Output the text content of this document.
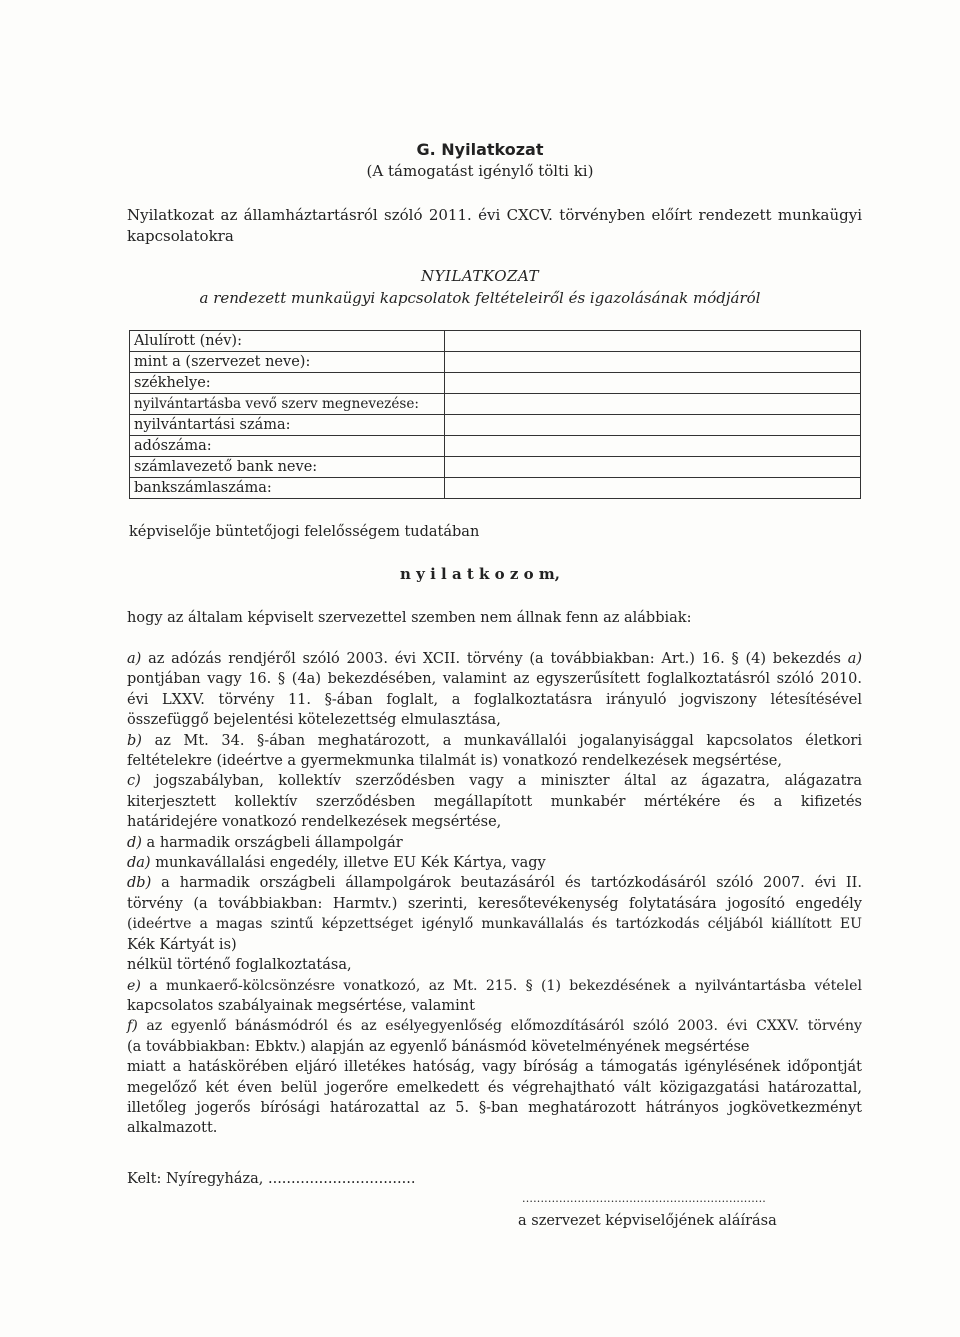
G. Nyilatkozat
(A támogatást igénylő tölti ki)
Nyilatkozat az államháztartásról szóló 2011. évi CXCV. törvényben előírt rendezett munkaügyi
kapcsolatokra
NYILATKOZAT
a rendezett munkaügyi kapcsolatok feltételeiről és igazolásának módjáról
Alulírott (név):	
mint a (szervezet neve):	
székhelye:	
nyilvántartásba vevő szerv megnevezése:	
nyilvántartási száma:	
adószáma:	
számlavezető bank neve:	
bankszámlaszáma:	
képviselője büntetőjogi felelősségem tudatában
n y i l a t k o z o m,
hogy az általam képviselt szervezettel szemben nem állnak fenn az alábbiak:

a) az adózás rendjéről szóló 2003. évi XCII. törvény (a továbbiakban: Art.) 16. § (4) bekezdés a)

pontjában vagy 16. § (4a) bekezdésében, valamint az egyszerűsített foglalkoztatásról szóló 2010.

évi LXXV. törvény 11. §-ában foglalt, a foglalkoztatásra irányuló jogviszony létesítésével

összefüggő bejelentési kötelezettség elmulasztása,

b) az Mt. 34. §-ában meghatározott, a munkavállalói jogalanyisággal kapcsolatos életkori

feltételekre (ideértve a gyermekmunka tilalmát is) vonatkozó rendelkezések megsértése,

c) jogszabályban, kollektív szerződésben vagy a miniszter által az ágazatra, alágazatra

kiterjesztett kollektív szerződésben megállapított munkabér mértékére és a kifizetés

határidejére vonatkozó rendelkezések megsértése,

d) a harmadik országbeli állampolgár

da) munkavállalási engedély, illetve EU Kék Kártya, vagy

db) a harmadik országbeli állampolgárok beutazásáról és tartózkodásáról szóló 2007. évi II.

törvény (a továbbiakban: Harmtv.) szerinti, keresőtevékenység folytatására jogosító engedély

(ideértve a magas szintű képzettséget igénylő munkavállalás és tartózkodás céljából kiállított EU

Kék Kártyát is)

nélkül történő foglalkoztatása,

e) a munkaerő-kölcsönzésre vonatkozó, az Mt. 215. § (1) bekezdésének a nyilvántartásba vételel

kapcsolatos szabályainak megsértése, valamint

f) az egyenlő bánásmódról és az esélyegyenlőség előmozdításáról szóló 2003. évi CXXV. törvény

(a továbbiakban: Ebktv.) alapján az egyenlő bánásmód követelményének megsértése

miatt a hatáskörében eljáró illetékes hatóság, vagy bíróság a támogatás igénylésének időpontját

megelőző két éven belül jogerőre emelkedett és végrehajtható vált közigazgatási határozattal,

illetőleg jogerős bírósági határozattal az 5. §-ban meghatározott hátrányos jogkövetkezményt

alkalmazott.

Kelt: Nyíregyháza, ................................
..................................................................
a szervezet képviselőjének aláírása
